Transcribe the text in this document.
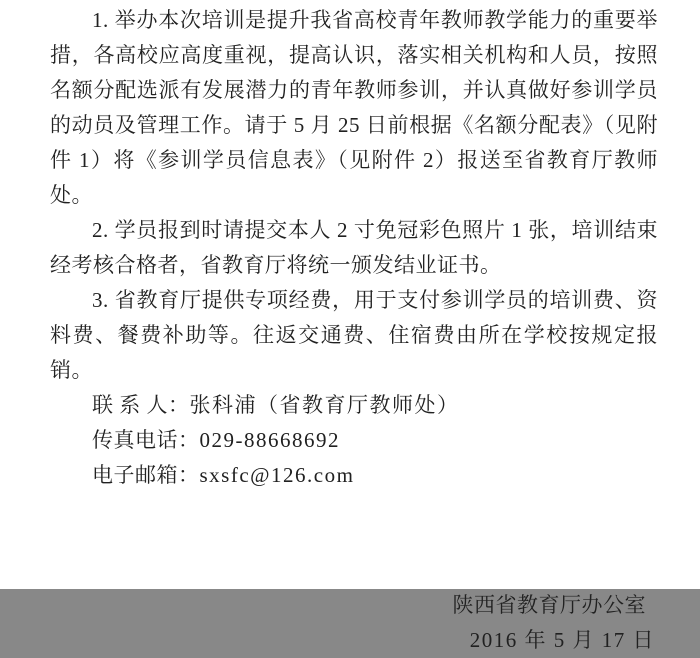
1. 举办本次培训是提升我省高校青年教师教学能力的重要举措，各高校应高度重视，提高认识，落实相关机构和人员，按照名额分配选派有发展潜力的青年教师参训，并认真做好参训学员的动员及管理工作。请于 5 月 25 日前根据《名额分配表》（见附件 1）将《参训学员信息表》（见附件 2）报送至省教育厅教师处。

2. 学员报到时请提交本人 2 寸免冠彩色照片 1 张，培训结束经考核合格者，省教育厅将统一颁发结业证书。

3. 省教育厅提供专项经费，用于支付参训学员的培训费、资料费、餐费补助等。往返交通费、住宿费由所在学校按规定报销。

联 系 人：张科浦（省教育厅教师处）
传真电话：029-88668692
电子邮箱：sxsfc@126.com
陕西省教育厅办公室
2016 年 5 月 17 日
